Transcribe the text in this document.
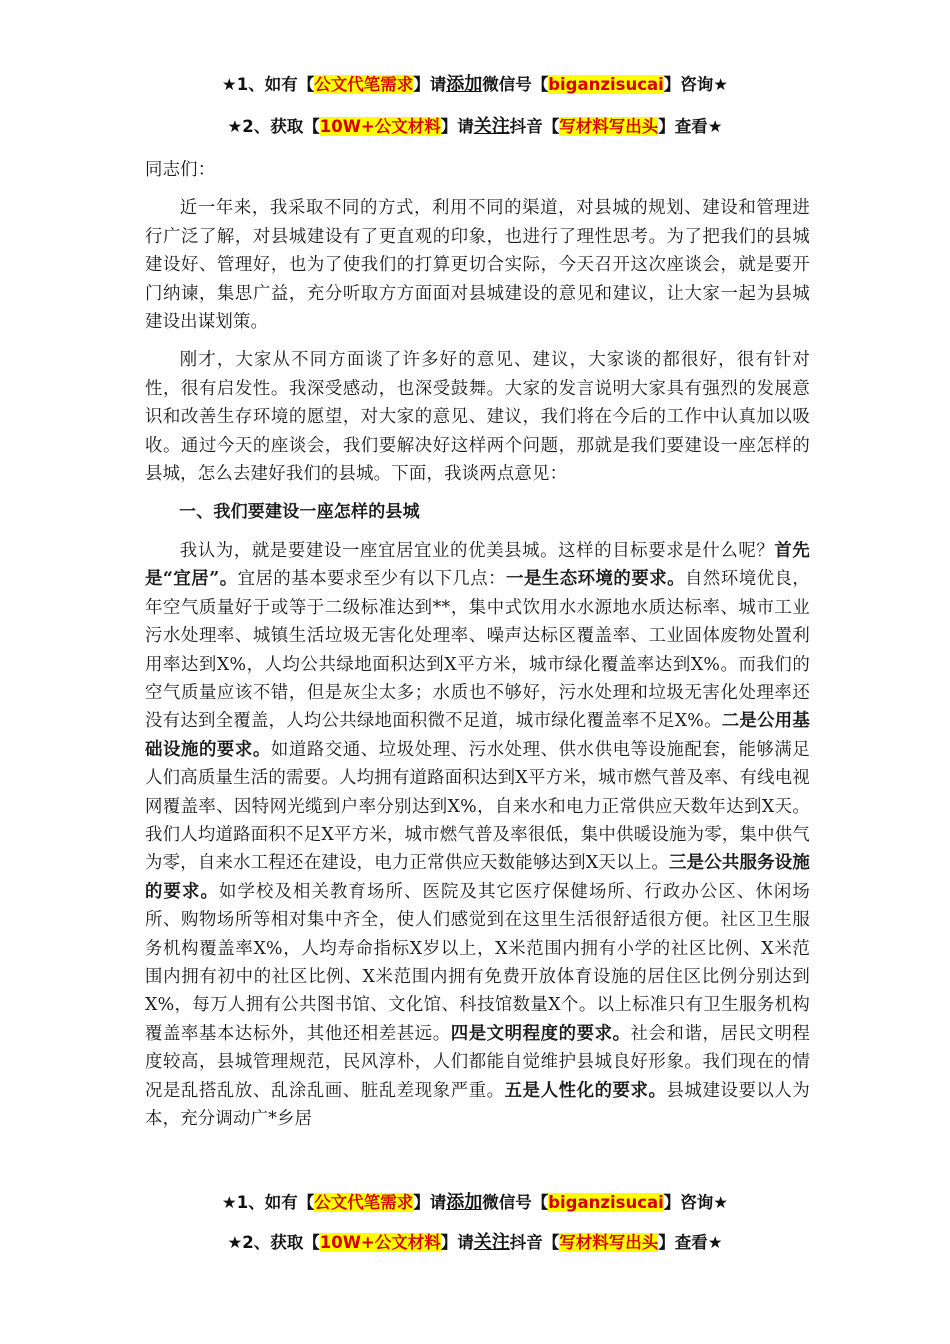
★1、如有【公文代笔需求】请添加微信号【biganzisucai】咨询★
★2、获取【10W+公文材料】请关注抖音【写材料写出头】查看★

同志们：

近一年来，我采取不同的方式，利用不同的渠道，对县城的规划、建设和管理进行广泛了解，对县城建设有了更直观的印象，也进行了理性思考。为了把我们的县城建设好、管理好，也为了使我们的打算更切合实际，今天召开这次座谈会，就是要开门纳谏，集思广益，充分听取方方面面对县城建设的意见和建议，让大家一起为县城建设出谋划策。

刚才，大家从不同方面谈了许多好的意见、建议，大家谈的都很好，很有针对性，很有启发性。我深受感动，也深受鼓舞。大家的发言说明大家具有强烈的发展意识和改善生存环境的愿望，对大家的意见、建议，我们将在今后的工作中认真加以吸收。通过今天的座谈会，我们要解决好这样两个问题，那就是我们要建设一座怎样的县城，怎么去建好我们的县城。下面，我谈两点意见：

一、我们要建设一座怎样的县城

我认为，就是要建设一座宜居宜业的优美县城。这样的目标要求是什么呢？首先是“宜居”。宜居的基本要求至少有以下几点：一是生态环境的要求。自然环境优良，年空气质量好于或等于二级标准达到**，集中式饮用水水源地水质达标率、城市工业污水处理率、城镇生活垃圾无害化处理率、噪声达标区覆盖率、工业固体废物处置利用率达到X%，人均公共绿地面积达到X平方米，城市绿化覆盖率达到X%。而我们的空气质量应该不错，但是灰尘太多；水质也不够好，污水处理和垃圾无害化处理率还没有达到全覆盖，人均公共绿地面积微不足道，城市绿化覆盖率不足X%。二是公用基础设施的要求。如道路交通、垃圾处理、污水处理、供水供电等设施配套，能够满足人们高质量生活的需要。人均拥有道路面积达到X平方米，城市燃气普及率、有线电视网覆盖率、因特网光缆到户率分别达到X%，自来水和电力正常供应天数年达到X天。我们人均道路面积不足X平方米，城市燃气普及率很低，集中供暖设施为零，集中供气为零，自来水工程还在建设，电力正常供应天数能够达到X天以上。三是公共服务设施的要求。如学校及相关教育场所、医院及其它医疗保健场所、行政办公区、休闲场所、购物场所等相对集中齐全，使人们感觉到在这里生活很舒适很方便。社区卫生服务机构覆盖率X%，人均寿命指标X岁以上，X米范围内拥有小学的社区比例、X米范围内拥有初中的社区比例、X米范围内拥有免费开放体育设施的居住区比例分别达到X%，每万人拥有公共图书馆、文化馆、科技馆数量X个。以上标准只有卫生服务机构覆盖率基本达标外，其他还相差甚远。四是文明程度的要求。社会和谐，居民文明程度较高，县城管理规范，民风淳朴，人们都能自觉维护县城良好形象。我们现在的情况是乱搭乱放、乱涂乱画、脏乱差现象严重。五是人性化的要求。县城建设要以人为本，充分调动广*乡居

★1、如有【公文代笔需求】请添加微信号【biganzisucai】咨询★
★2、获取【10W+公文材料】请关注抖音【写材料写出头】查看★
